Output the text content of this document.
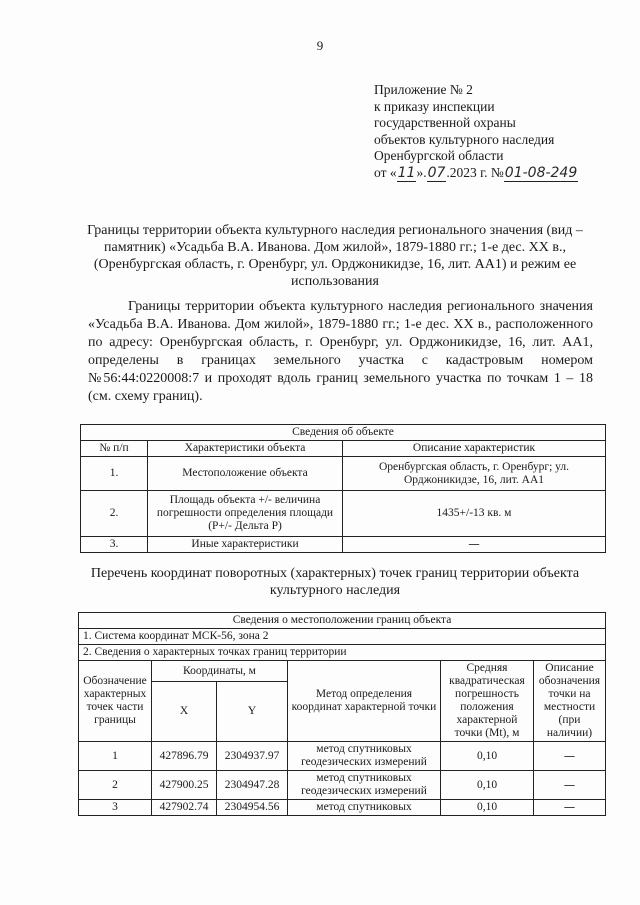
9
Приложение № 2
к приказу инспекции
государственной охраны
объектов культурного наследия
Оренбургской области
от «11».07.2023 г. №01-08-249
Границы территории объекта культурного наследия регионального значения (вид – памятник) «Усадьба В.А. Иванова. Дом жилой», 1879-1880 гг.; 1-е дес. XX в., (Оренбургская область, г. Оренбург, ул. Орджоникидзе, 16, лит. АА1) и режим ее использования
Границы территории объекта культурного наследия регионального значения «Усадьба В.А. Иванова. Дом жилой», 1879-1880 гг.; 1-е дес. XX в., расположенного по адресу: Оренбургская область, г. Оренбург, ул. Орджоникидзе, 16, лит. АА1, определены в границах земельного участка с кадастровым номером №56:44:0220008:7 и проходят вдоль границ земельного участка по точкам 1 – 18 (см. схему границ).
Сведения об объекте		
№ п/п	Характеристики объекта	Описание характеристик
1.	Местоположение объекта	Оренбургская область, г. Оренбург; ул. Орджоникидзе, 16, лит. АА1
2.	Площадь объекта +/- величина погрешности определения площади (P+/- Дельта P)	1435+/-13 кв. м
3.	Иные характеристики	—
Перечень координат поворотных (характерных) точек границ территории объекта культурного наследия
Сведения о местоположении границ объекта					
1. Система координат МСК-56, зона 2					
2. Сведения о характерных точках границ территории					
Обозначение характерных точек части границы	Координаты, м		Метод определения координат характерной точки	Средняя квадратическая погрешность положения характерной точки (Mt), м	Описание обозначения точки на местности (при наличии)
	X	Y			
1	427896.79	2304937.97	метод спутниковых геодезических измерений	0,10	—
2	427900.25	2304947.28	метод спутниковых геодезических измерений	0,10	—
3	427902.74	2304954.56	метод спутниковых	0,10	—
